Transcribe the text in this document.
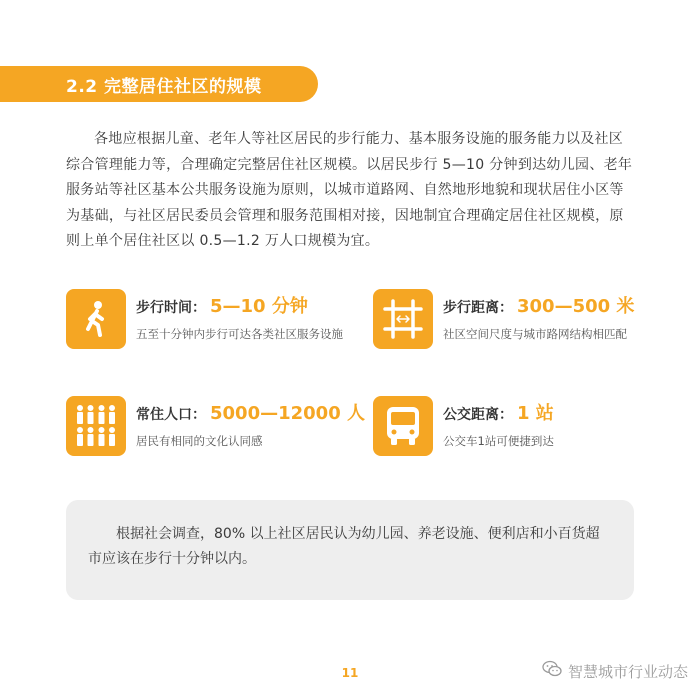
2.2 完整居住社区的规模

各地应根据儿童、老年人等社区居民的步行能力、基本服务设施的服务能力以及社区综合管理能力等，合理确定完整居住社区规模。以居民步行 5—10 分钟到达幼儿园、老年服务站等社区基本公共服务设施为原则，以城市道路网、自然地形地貌和现状居住小区等为基础，与社区居民委员会管理和服务范围相对接，因地制宜合理确定居住社区规模，原则上单个居住社区以 0.5—1.2 万人口规模为宜。

步行时间： 5—10 分钟
五至十分钟内步行可达各类社区服务设施
步行距离： 300—500 米
社区空间尺度与城市路网结构相匹配
常住人口： 5000—12000 人
居民有相同的文化认同感
公交距离： 1 站
公交车1站可便捷到达

根据社会调查，80% 以上社区居民认为幼儿园、养老设施、便利店和小百货超市应该在步行十分钟以内。

11	智慧城市行业动态
